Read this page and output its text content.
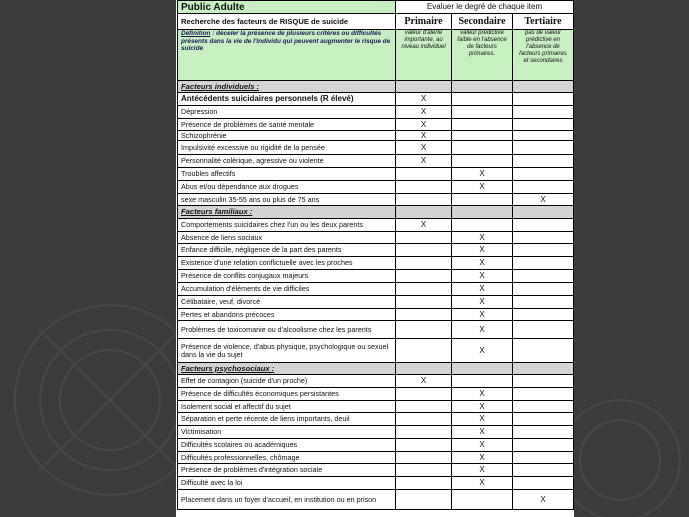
Public Adulte	Evaluer le degré de chaque item		
Recherche des facteurs de RISQUE de suicide	Primaire	Secondaire	Tertiaire
Définition : déceler la présence de plusieurs critères ou difficultés présents dans la vie de l'individu qui peuvent augmenter le risque de suicide	valeur d'alerte importante, au niveau individuel	valeur prédictive faible en l'absence de facteurs primaires.	pas de valeur prédictive en l'absence de facteurs primaires et secondaires
Facteurs individuels :			
Antécédents suicidaires personnels (R élevé)	X		
Dépression	X		
Présence de problèmes de santé mentale	X		
Schizophrénie	X		
Impulsivité excessive ou rigidité de la pensée	X		
Personnalité colérique, agressive ou violente	X		
Troubles affectifs		X	
Abus et/ou dépendance aux drogues		X	
sexe masculin 35-55 ans ou plus de 75 ans			X
Facteurs familiaux :			
Comportements suicidaires chez l'un ou les deux parents	X		
Absence de liens sociaux		X	
Enfance difficile, négligence de la part des parents		X	
Existence d'une relation conflictuelle avec les proches		X	
Présence de conflits conjugaux majeurs		X	
Accumulation d'éléments de vie difficiles		X	
Célibataire, veuf, divorcé		X	
Pertes et abandons précoces		X	
Problèmes de toxicomanie ou d'alcoolisme chez les parents		X	
Présence de violence, d'abus physique, psychologique ou sexuel dans la vie du sujet		X	
Facteurs psychosociaux :			
Effet de contagion (suicide d'un proche)	X		
Présence de difficultés économiques persistantes		X	
Isolement social et affectif du sujet		X	
Séparation et perte récente de liens importants, deuil		X	
Victimisation		X	
Difficultés scolaires ou académiques		X	
Difficultés professionnelles, chômage		X	
Présence de problèmes d'intégration sociale		X	
Difficulté avec la loi		X	
Placement dans un foyer d'accueil, en institution ou en prison			X
